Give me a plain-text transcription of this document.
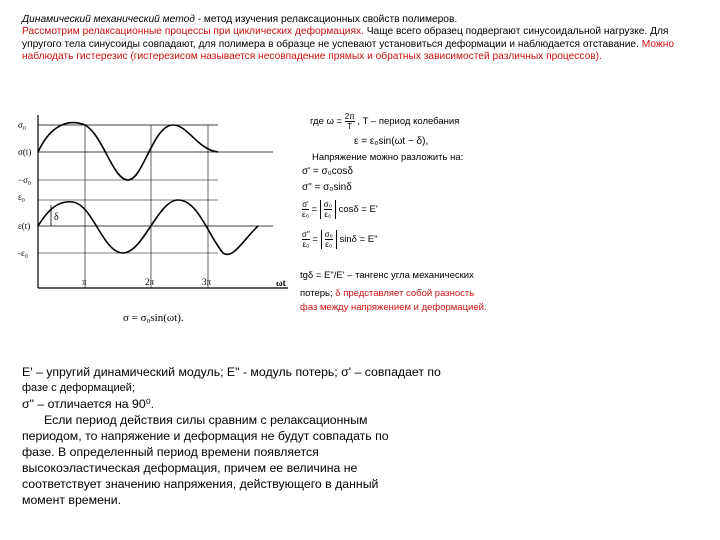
Динамический механический метод - метод изучения релаксационных свойств полимеров.
Рассмотрим релаксационные процессы при циклических деформациях. Чаще всего образец подвергают синусоидальной нагрузке. Для упругого тела синусоиды совпадают, для полимера в образце не успевают установиться деформации и наблюдается отставание. Можно наблюдать гистерезис (гистерезисом называется несовпадение прямых и обратных зависимостей различных процессов).
δ
σ₀
σ(t)
−σ₀
ε₀
ε(t)
-ε₀
π	2π	3π	ωt
где $\omega = \frac{2\pi}{T}$ , T – период колебания
ε = ε₀sin(ωt − δ),
Напряжение можно разложить на:
σ' = σ₀cosδ
σ" = σ₀sinδ
$\frac{\sigma'}{\text{ε₀}} = \frac{\text{σ₀}}{\text{ε₀}}$ cosδ = E'
$\frac{\sigma"}{\text{ε₀}} = \frac{\text{σ₀}}{\text{ε₀}}$ sinδ = E"
tgδ = E"/E' – тангенс угла механических
потерь; δ представляет собой разность
фаз между напряжением и деформацией.
σ = σ₀sin(ωt).
E' – упругий динамический модуль; E" - модуль потерь; σ' – совпадает по
фазе с деформацией;
σ" – отличается на 90⁰.
Если период действия силы сравним с релаксационным
периодом, то напряжение и деформация не будут совпадать по
фазе. В определенный период времени появляется
высокоэластическая деформация, причем ее величина не
соответствует значению напряжения, действующего в данный
момент времени.
